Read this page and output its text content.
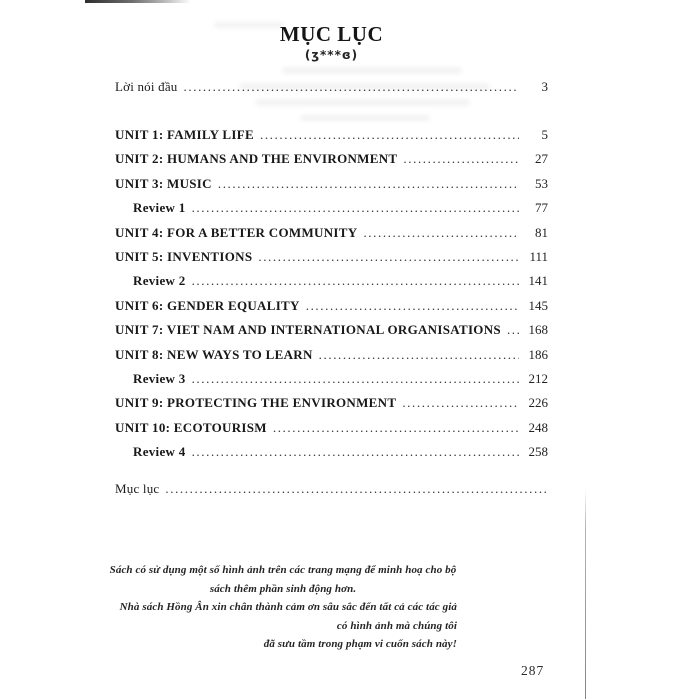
MỤC LỤC
(ʒ***ɞ)
Lời nói đầu .....	3
UNIT 1: FAMILY LIFE .....	5
UNIT 2: HUMANS AND THE ENVIRONMENT .....	27
UNIT 3: MUSIC .....	53
Review 1 .....	77
UNIT 4: FOR A BETTER COMMUNITY .....	81
UNIT 5: INVENTIONS .....	111
Review 2 .....	141
UNIT 6: GENDER EQUALITY .....	145
UNIT 7: VIET NAM AND INTERNATIONAL ORGANISATIONS .....	168
UNIT 8: NEW WAYS TO LEARN .....	186
Review 3 .....	212
UNIT 9: PROTECTING THE ENVIRONMENT .....	226
UNIT 10: ECOTOURISM .....	248
Review 4 .....	258
Mục lục
.....
Sách có sử dụng một số hình ảnh trên các trang mạng để minh hoạ cho bộ sách thêm phần sinh động hơn.
Nhà sách Hồng Ân xin chân thành cảm ơn sâu sắc đến tất cả các tác giả có hình ảnh mà chúng tôi
đã sưu tầm trong phạm vi cuốn sách này!
287
